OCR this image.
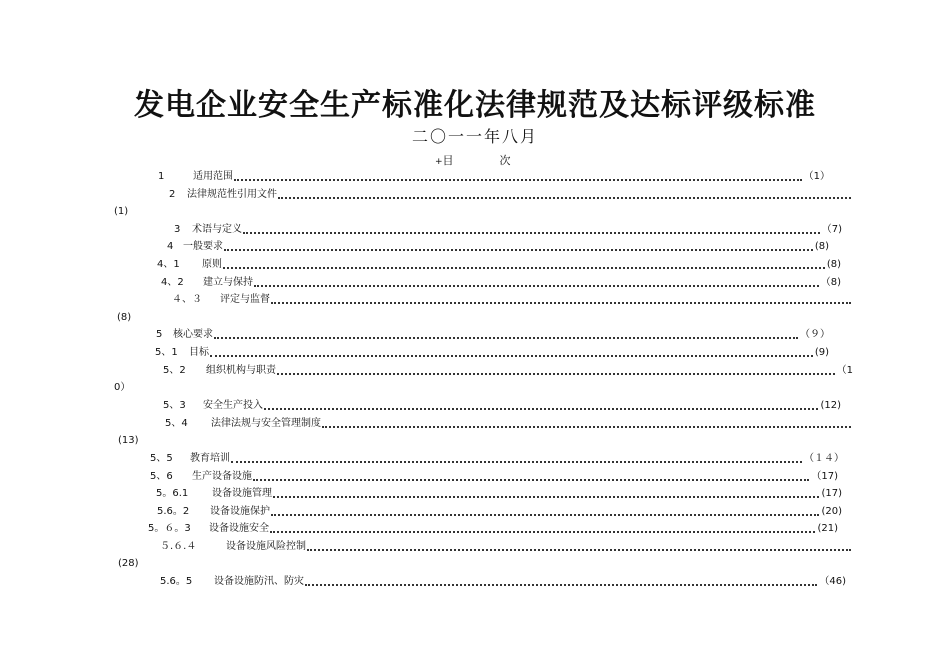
发电企业安全生产标准化法律规范及达标评级标准
二〇一一年八月
+目	次
1	适用范围	（1）
2	法律规范性引用文件
(1)
3	术语与定义	（7)
4 一般要求	(8)
4、1	原则	(8)
4、2	建立与保持	（8)
４、３	评定与监督
(8)
5	核心要求	（９）
5、1	目标	(9)
5、2	组织机构与职责	（1
0）
5、3	安全生产投入	(12)
5、4	法律法规与安全管理制度
(13)
5、5	教育培训	（１４）
5、6	生产设备设施	（17)
5。6.1	设备设施管理	(17)
5.6。2	设备设施保护	(20)
5。６。3	设备设施安全	(21)
５.６.４	设备设施风险控制
(28)
5.6。5	设备设施防汛、防灾	（46)
